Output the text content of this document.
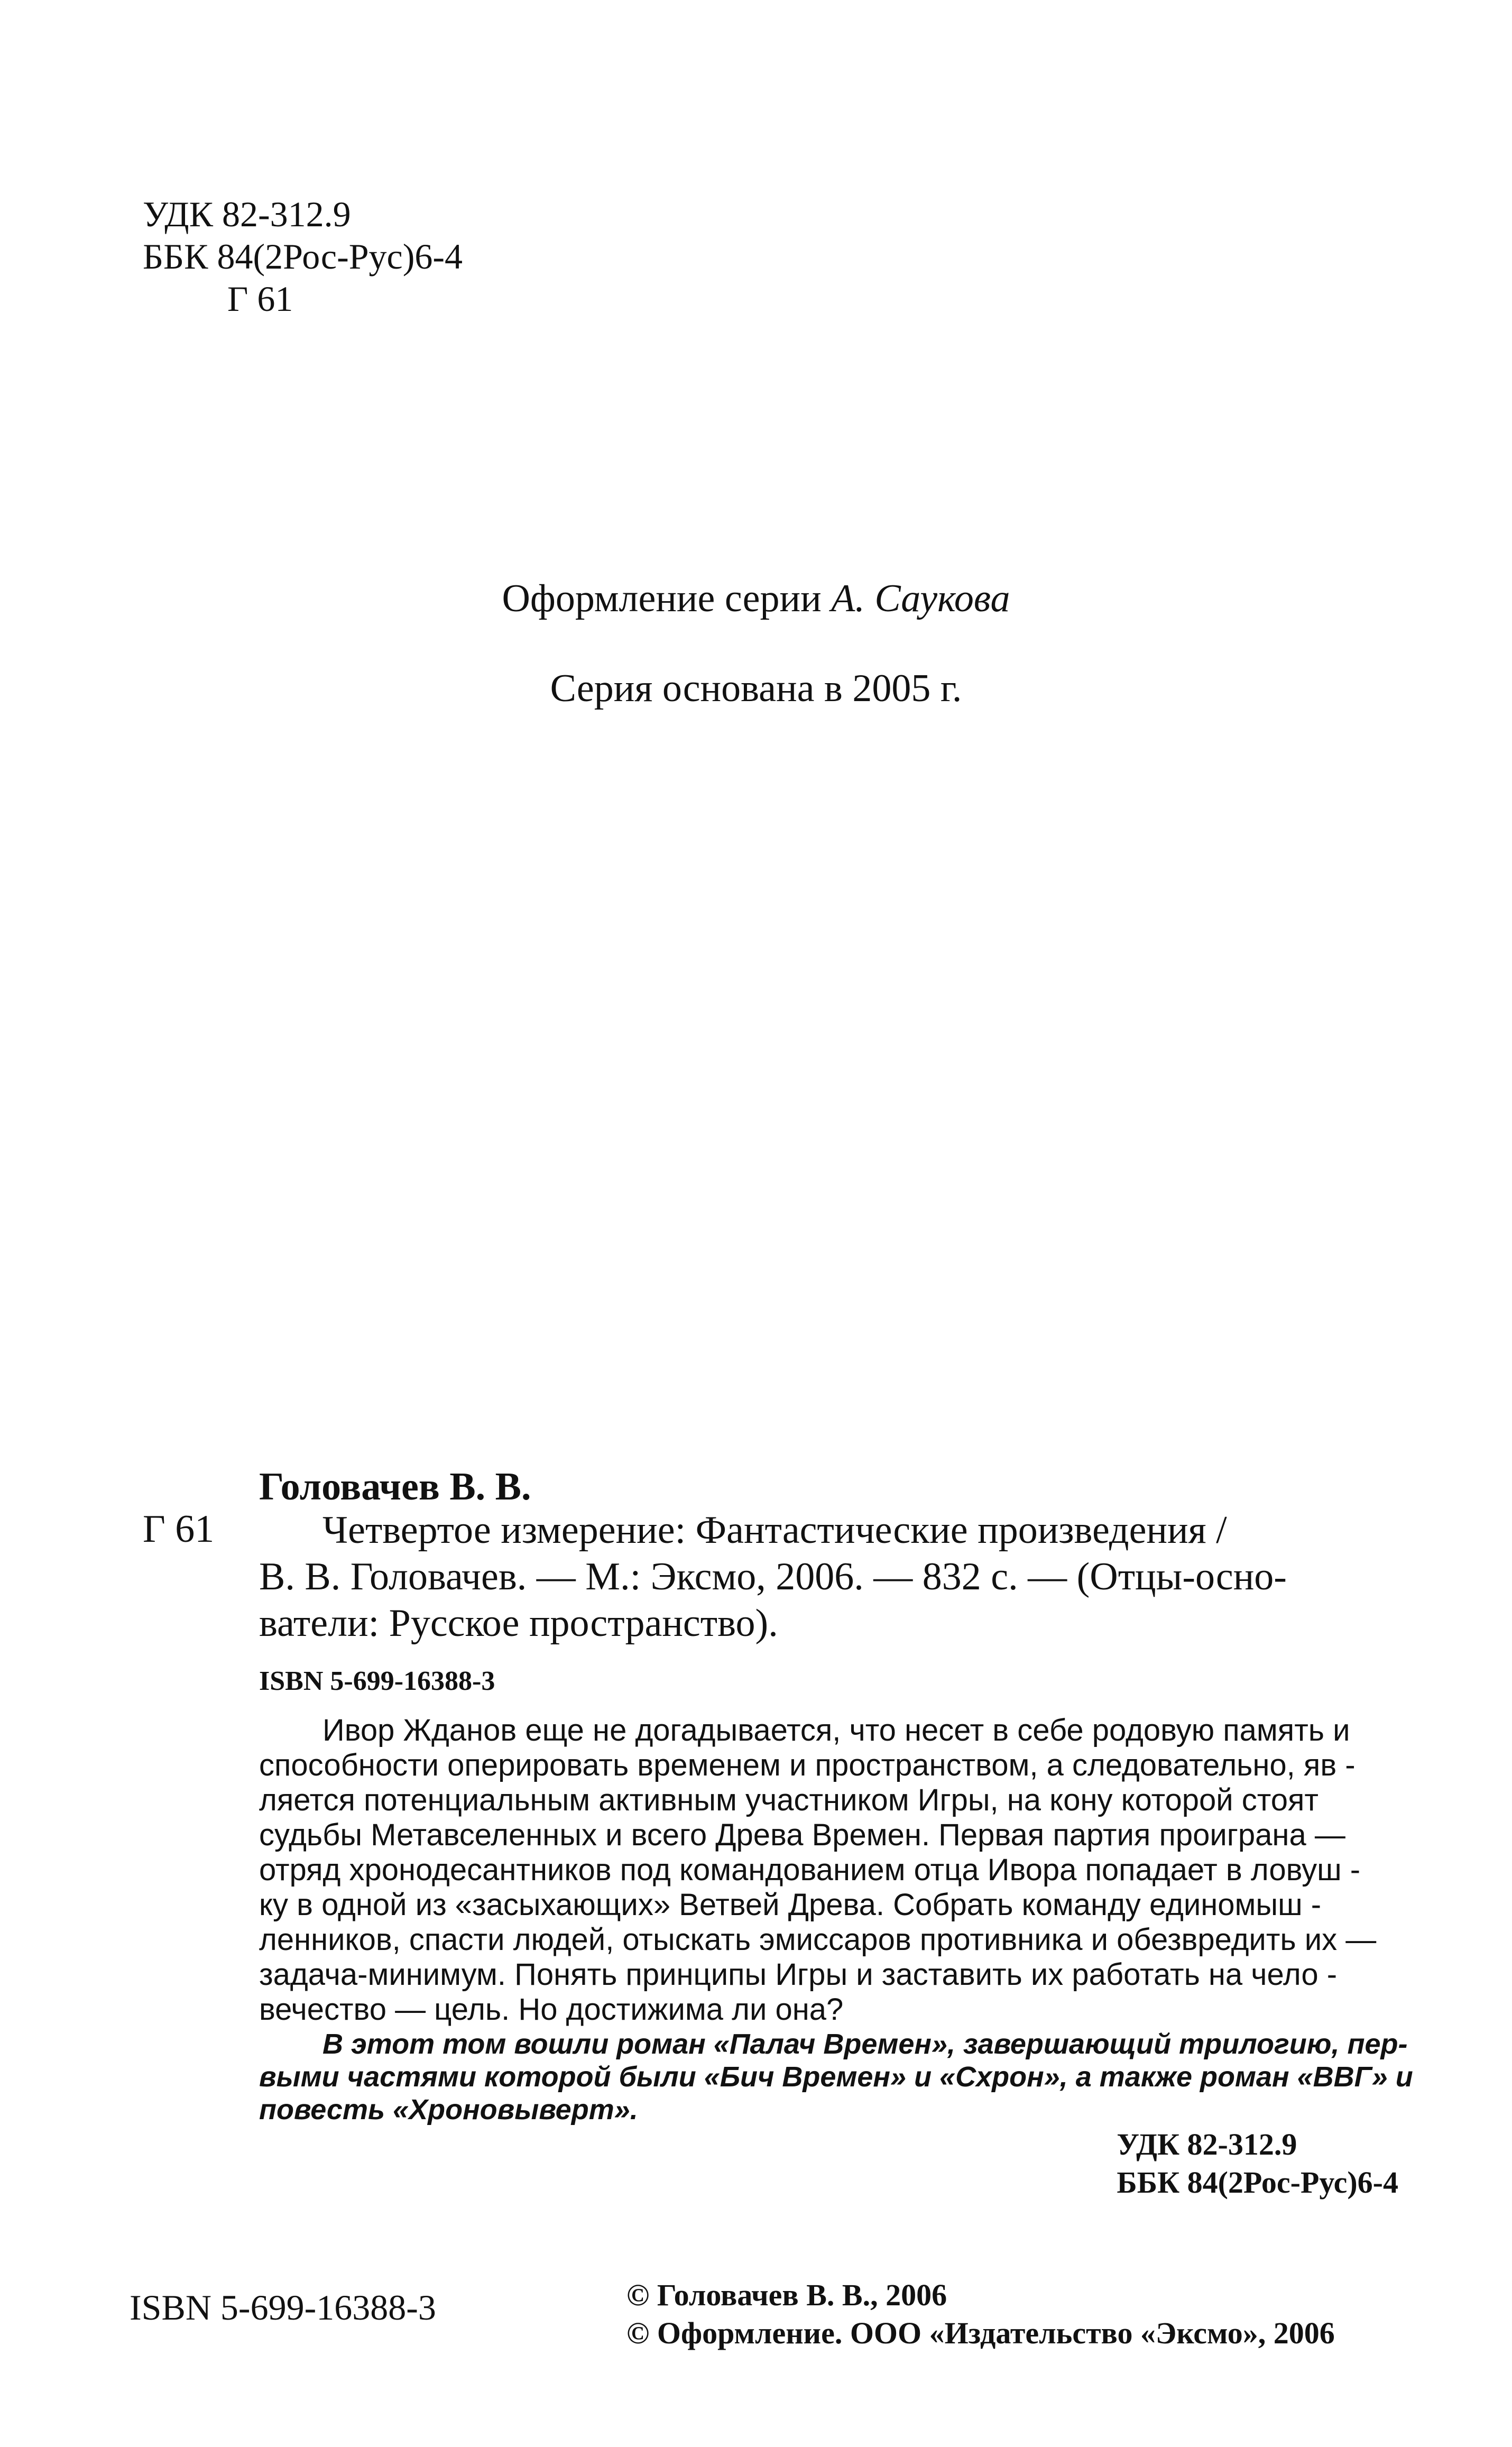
УДК 82-312.9
ББК 84(2Рос-Рус)6-4
Г 61
Оформление серии А. Саукова
Серия основана в 2005 г.
Головачев В. В.
Г 61	Четвертое измерение: Фантастические произведения /
В. В. Головачев. — М.: Эксмо, 2006. — 832 с. — (Отцы-осно-
ватели: Русское пространство).
ISBN 5-699-16388-3
Ивор Жданов еще не догадывается, что несет в себе родовую память и
способности оперировать временем и пространством, а следовательно, яв -
ляется потенциальным активным участником Игры, на кону которой стоят
судьбы Метавселенных и всего Древа Времен. Первая партия проиграна —
отряд хронодесантников под командованием отца Ивора попадает в ловуш -
ку в одной из «засыхающих» Ветвей Древа. Собрать команду единомыш -
ленников, спасти людей, отыскать эмиссаров противника и обезвредить их —
задача-минимум. Понять принципы Игры и заставить их работать на чело -
вечество — цель. Но достижима ли она?
В этот том вошли роман «Палач Времен», завершающий трилогию, пер-
выми частями которой были «Бич Времен» и «Схрон», а также роман «ВВГ» и
повесть «Хроновыверт».
УДК 82-312.9
ББК 84(2Рос-Рус)6-4
ISBN 5-699-16388-3	© Головачев В. В., 2006
© Оформление. ООО «Издательство «Эксмо», 2006
